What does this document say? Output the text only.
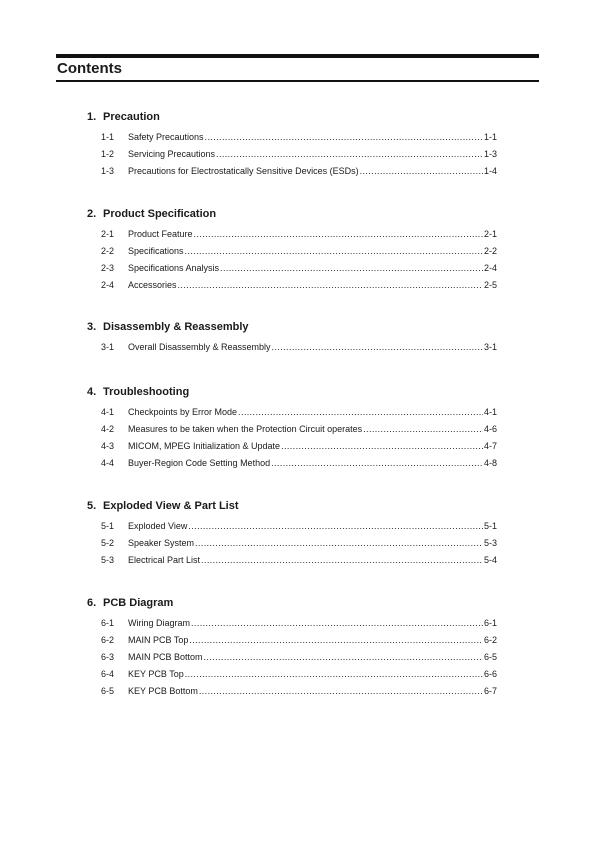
Contents
1. Precaution
1-1	Safety Precautions .....	1-1
1-2	Servicing Precautions .....	1-3
1-3	Precautions for Electrostatically Sensitive Devices (ESDs) .....	1-4
2. Product Specification
2-1	Product Feature .....	2-1
2-2	Specifications .....	2-2
2-3	Specifications Analysis .....	2-4
2-4	Accessories .....	2-5
3. Disassembly & Reassembly
3-1	Overall Disassembly & Reassembly .....	3-1
4. Troubleshooting
4-1	Checkpoints by Error Mode .....	4-1
4-2	Measures to be taken when the Protection Circuit operates .....	4-6
4-3	MICOM, MPEG Initialization & Update .....	4-7
4-4	Buyer-Region Code Setting Method .....	4-8
5. Exploded View & Part List
5-1	Exploded View .....	5-1
5-2	Speaker System .....	5-3
5-3	Electrical Part List .....	5-4
6. PCB Diagram
6-1	Wiring Diagram .....	6-1
6-2	MAIN PCB Top .....	6-2
6-3	MAIN PCB Bottom .....	6-5
6-4	KEY PCB Top .....	6-6
6-5	KEY PCB Bottom .....	6-7
